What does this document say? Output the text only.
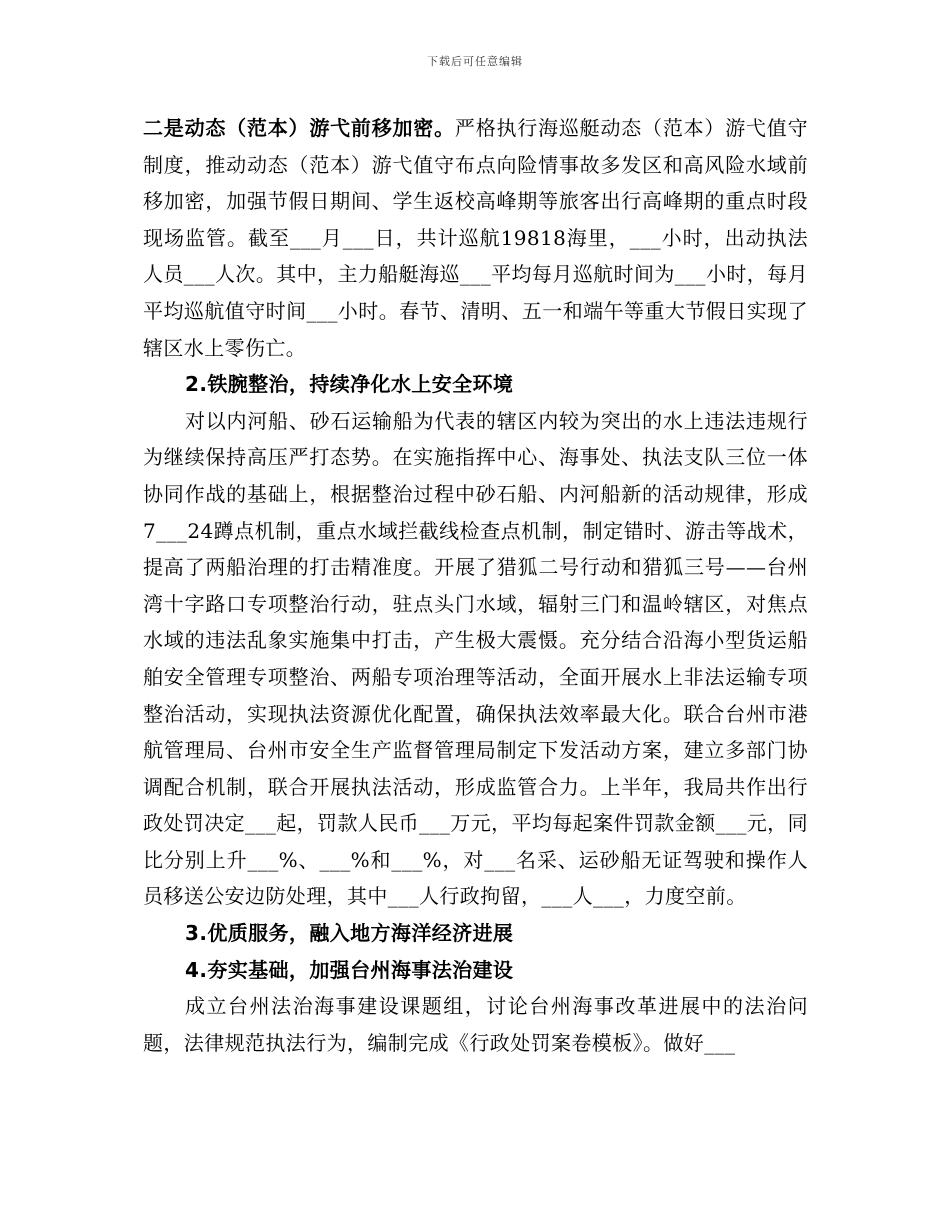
下载后可任意编辑

二是动态（范本）游弋前移加密。严格执行海巡艇动态（范本）游弋值守制度，推动动态（范本）游弋值守布点向险情事故多发区和高风险水域前移加密，加强节假日期间、学生返校高峰期等旅客出行高峰期的重点时段现场监管。截至___月___日，共计巡航19818海里，___小时，出动执法人员___人次。其中，主力船艇海巡___平均每月巡航时间为___小时，每月平均巡航值守时间___小时。春节、清明、五一和端午等重大节假日实现了辖区水上零伤亡。

2.铁腕整治，持续净化水上安全环境

对以内河船、砂石运输船为代表的辖区内较为突出的水上违法违规行为继续保持高压严打态势。在实施指挥中心、海事处、执法支队三位一体协同作战的基础上，根据整治过程中砂石船、内河船新的活动规律，形成7___24蹲点机制，重点水域拦截线检查点机制，制定错时、游击等战术，提高了两船治理的打击精准度。开展了猎狐二号行动和猎狐三号——台州湾十字路口专项整治行动，驻点头门水域，辐射三门和温岭辖区，对焦点水域的违法乱象实施集中打击，产生极大震慑。充分结合沿海小型货运船舶安全管理专项整治、两船专项治理等活动，全面开展水上非法运输专项整治活动，实现执法资源优化配置，确保执法效率最大化。联合台州市港航管理局、台州市安全生产监督管理局制定下发活动方案，建立多部门协调配合机制，联合开展执法活动，形成监管合力。上半年，我局共作出行政处罚决定___起，罚款人民币___万元，平均每起案件罚款金额___元，同比分别上升___%、___%和___%，对___名采、运砂船无证驾驶和操作人员移送公安边防处理，其中___人行政拘留，___人___，力度空前。

3.优质服务，融入地方海洋经济进展

4.夯实基础，加强台州海事法治建设

成立台州法治海事建设课题组，讨论台州海事改革进展中的法治问题，法律规范执法行为，编制完成《行政处罚案卷模板》。做好___
